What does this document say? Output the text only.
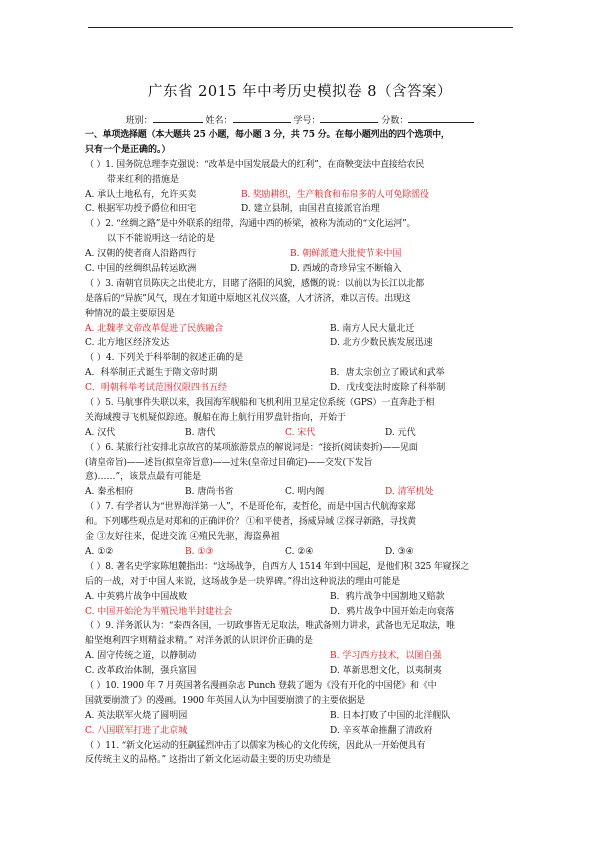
广东省 2015 年中考历史模拟卷 8（含答案）
班别：	姓名：	学号：	分数：
一、单项选择题（本大题共 25 小题，每小题 3 分，共 75 分。在每小题列出的四个选项中，
只有一个是正确的。）
（ ）1. 国务院总理李克强说：“改革是中国发展最大的红利”，在商鞅变法中直接给农民
带来红利的措施是
A. 承认土地私有，允许买卖	B. 奖励耕织，生产粮食和布帛多的人可免除徭役
C. 根据军功授予爵位和田宅	D. 建立县制，由国君直接派官治理
（ ）2. “丝绸之路”是中外联系的纽带，沟通中西的桥梁，被称为流动的“文化运河”。
以下不能说明这一结论的是
A. 汉朝的使者商人沿路西行	B. 朝鲜派遣大批使节来中国
C. 中国的丝绸织品转运欧洲	D. 西域的奇珍异宝不断输入
（ ）3. 南朝官员陈庆之出使北方，目睹了洛阳的风貌，感慨的说：以前以为长江以北都
是落后的“异族”风气，现在才知道中原地区礼仪兴盛，人才济济，难以言传。出现这
种情况的最主要原因是
A. 北魏孝文帝改革促进了民族融合	B. 南方人民大量北迁
C. 北方地区经济发达	D. 北方少数民族发展迅速
（ ）4. 下列关于科举制的叙述正确的是
A．科举制正式诞生于隋文帝时期	B．唐太宗创立了殿试和武举
C．明朝科举考试范围仅限四书五经	D．戊戌变法时废除了科举制
（ ）5. 马航事件失联以来，我国海军舰船和飞机利用卫星定位系统（GPS）一直奔赴于相
关海域搜寻飞机疑似踪迹。舰船在海上航行用罗盘针指向，开始于
A. 汉代	B. 唐代	C. 宋代	D. 元代
（ ）6. 某旅行社安排北京故宫的某项旅游景点的解说词是：“接折(阅读奏折)——见面
(请皇帝旨)——述旨(拟皇帝旨意)——过朱(皇帝过目确定)——交发(下发旨
意)……”，该景点最有可能是
A. 秦丞相府	B. 唐尚书省	C. 明内阁	D. 清军机处
（ ）7. 有学者认为“世界海洋第一人”，不是哥伦布，麦哲伦，而是中国古代航海家郑
和。下列哪些观点是对郑和的正确评价？ ①和平使者，扬威异域 ②探寻新路，寻找黄
金 ③友好往来，促进交流 ④殖民先驱，海盗鼻祖
A. ①②	B. ①③	C. ②④	D. ③④
（ ）8. 著名史学家陈旭麓指出：“这场战争，自西方人 1514 年到中国起，是他们积 325 年窥探之
后的一战，对于中国人来说，这场战争是一块界碑。”得出这种说法的理由可能是
A. 中英鸦片战争中国战败	B．鸦片战争中国割地又赔款
C. 中国开始沦为半殖民地半封建社会	D．鸦片战争中国开始走向衰落
（ ）9. 洋务派认为：“泰西各国，一切政事皆无足取法，唯武备则力讲求，武备也无足取法，唯
船坚炮利四字则精益求精。” 对洋务派的认识评价正确的是
A. 固守传统之道，以静制动	B. 学习西方技术，以图自强
C. 改革政治体制，强兵富国	D. 革新思想文化，以夷制夷
（ ）10. 1900 年 7 月英国著名漫画杂志 Punch 登载了题为《没有开化的中国佬》和《中
国就要崩溃了》的漫画。1900 年英国人认为中国要崩溃了的主要依据是
A. 英法联军火烧了圆明园	B. 日本打败了中国的北洋舰队
C. 八国联军打进了北京城	D. 辛亥革命推翻了清政府
（ ）11. “新文化运动的狂飙猛烈冲击了以儒家为核心的文化传统，因此从一开始便具有
反传统主义的品格。” 这指出了新文化运动最主要的历史功绩是
